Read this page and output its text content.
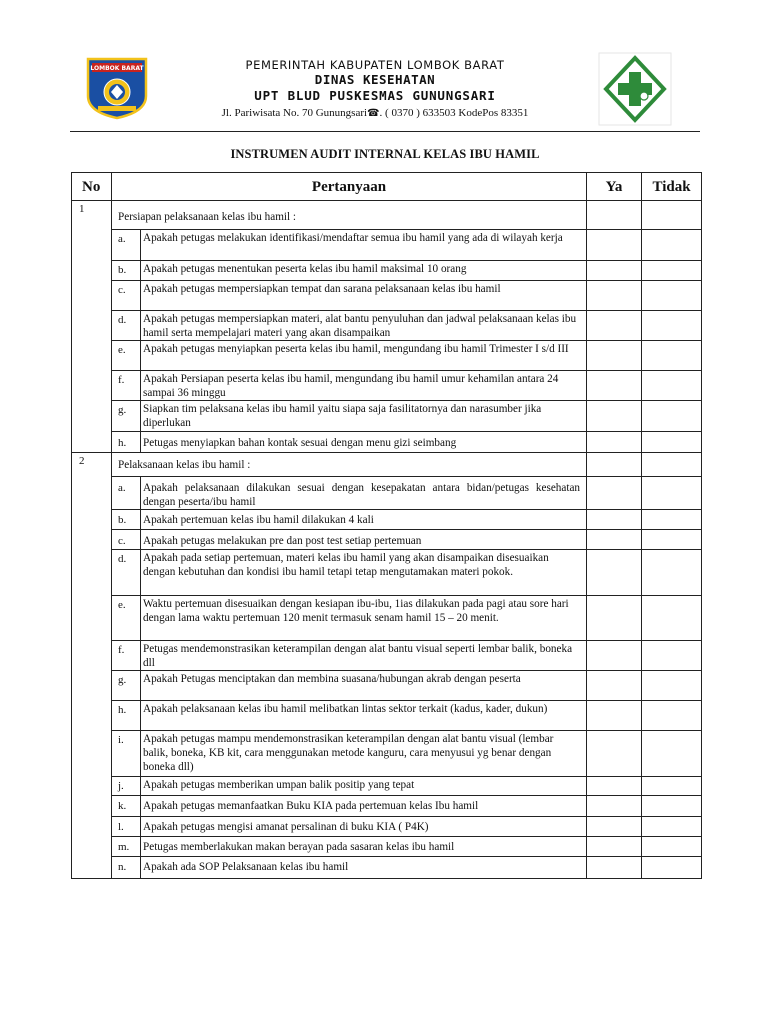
LOMBOK BARAT	PEMERINTAH KABUPATEN LOMBOK BARAT
DINAS KESEHATAN
UPT BLUD PUSKESMAS GUNUNGSARI
Jl. Pariwisata No. 70 Gunungsari☎. ( 0370 ) 633503 KodePos 83351
INSTRUMEN AUDIT INTERNAL KELAS IBU HAMIL
No	Pertanyaan		Ya	Tidak
1	Persiapan pelaksanaan kelas ibu hamil :			
	a.	Apakah petugas melakukan identifikasi/mendaftar semua ibu hamil yang ada di wilayah kerja		
	b.	Apakah petugas menentukan peserta kelas ibu hamil maksimal 10 orang		
	c.	Apakah petugas mempersiapkan tempat dan sarana pelaksanaan kelas ibu hamil		
	d.	Apakah petugas mempersiapkan materi, alat bantu penyuluhan dan jadwal pelaksanaan kelas ibu hamil serta mempelajari materi yang akan disampaikan		
	e.	Apakah petugas menyiapkan peserta kelas ibu hamil, mengundang ibu hamil Trimester I s/d III		
	f.	Apakah Persiapan peserta kelas ibu hamil, mengundang ibu hamil umur kehamilan antara 24 sampai 36 minggu		
	g.	Siapkan tim pelaksana kelas ibu hamil yaitu siapa saja fasilitatornya dan narasumber jika diperlukan		
	h.	Petugas menyiapkan bahan kontak sesuai dengan menu gizi seimbang		
2	Pelaksanaan kelas ibu hamil :			
	a.	Apakah pelaksanaan dilakukan sesuai dengan kesepakatan antara bidan/petugas kesehatan dengan peserta/ibu hamil		
	b.	Apakah pertemuan kelas ibu hamil dilakukan 4 kali		
	c.	Apakah petugas melakukan pre dan post test setiap pertemuan		
	d.	Apakah pada setiap pertemuan, materi kelas ibu hamil yang akan disampaikan disesuaikan dengan kebutuhan dan kondisi ibu hamil tetapi tetap mengutamakan materi pokok.		
	e.	Waktu pertemuan disesuaikan dengan kesiapan ibu-ibu, 1ias dilakukan pada pagi atau sore hari dengan lama waktu pertemuan 120 menit termasuk senam hamil 15 – 20 menit.		
	f.	Petugas mendemonstrasikan keterampilan dengan alat bantu visual seperti lembar balik, boneka dll		
	g.	Apakah Petugas menciptakan dan membina suasana/hubungan akrab dengan peserta		
	h.	Apakah pelaksanaan kelas ibu hamil melibatkan lintas sektor terkait (kadus, kader, dukun)		
	i.	Apakah petugas mampu mendemonstrasikan keterampilan dengan alat bantu visual (lembar balik, boneka, KB kit, cara menggunakan metode kanguru, cara menyusui yg benar dengan boneka dll)		
	j.	Apakah petugas memberikan umpan balik positip yang tepat		
	k.	Apakah petugas memanfaatkan Buku KIA pada pertemuan kelas Ibu hamil		
	l.	Apakah petugas mengisi amanat persalinan di buku KIA ( P4K)		
	m.	Petugas memberlakukan makan berayan pada sasaran kelas ibu hamil		
	n.	Apakah ada SOP Pelaksanaan kelas ibu hamil		
